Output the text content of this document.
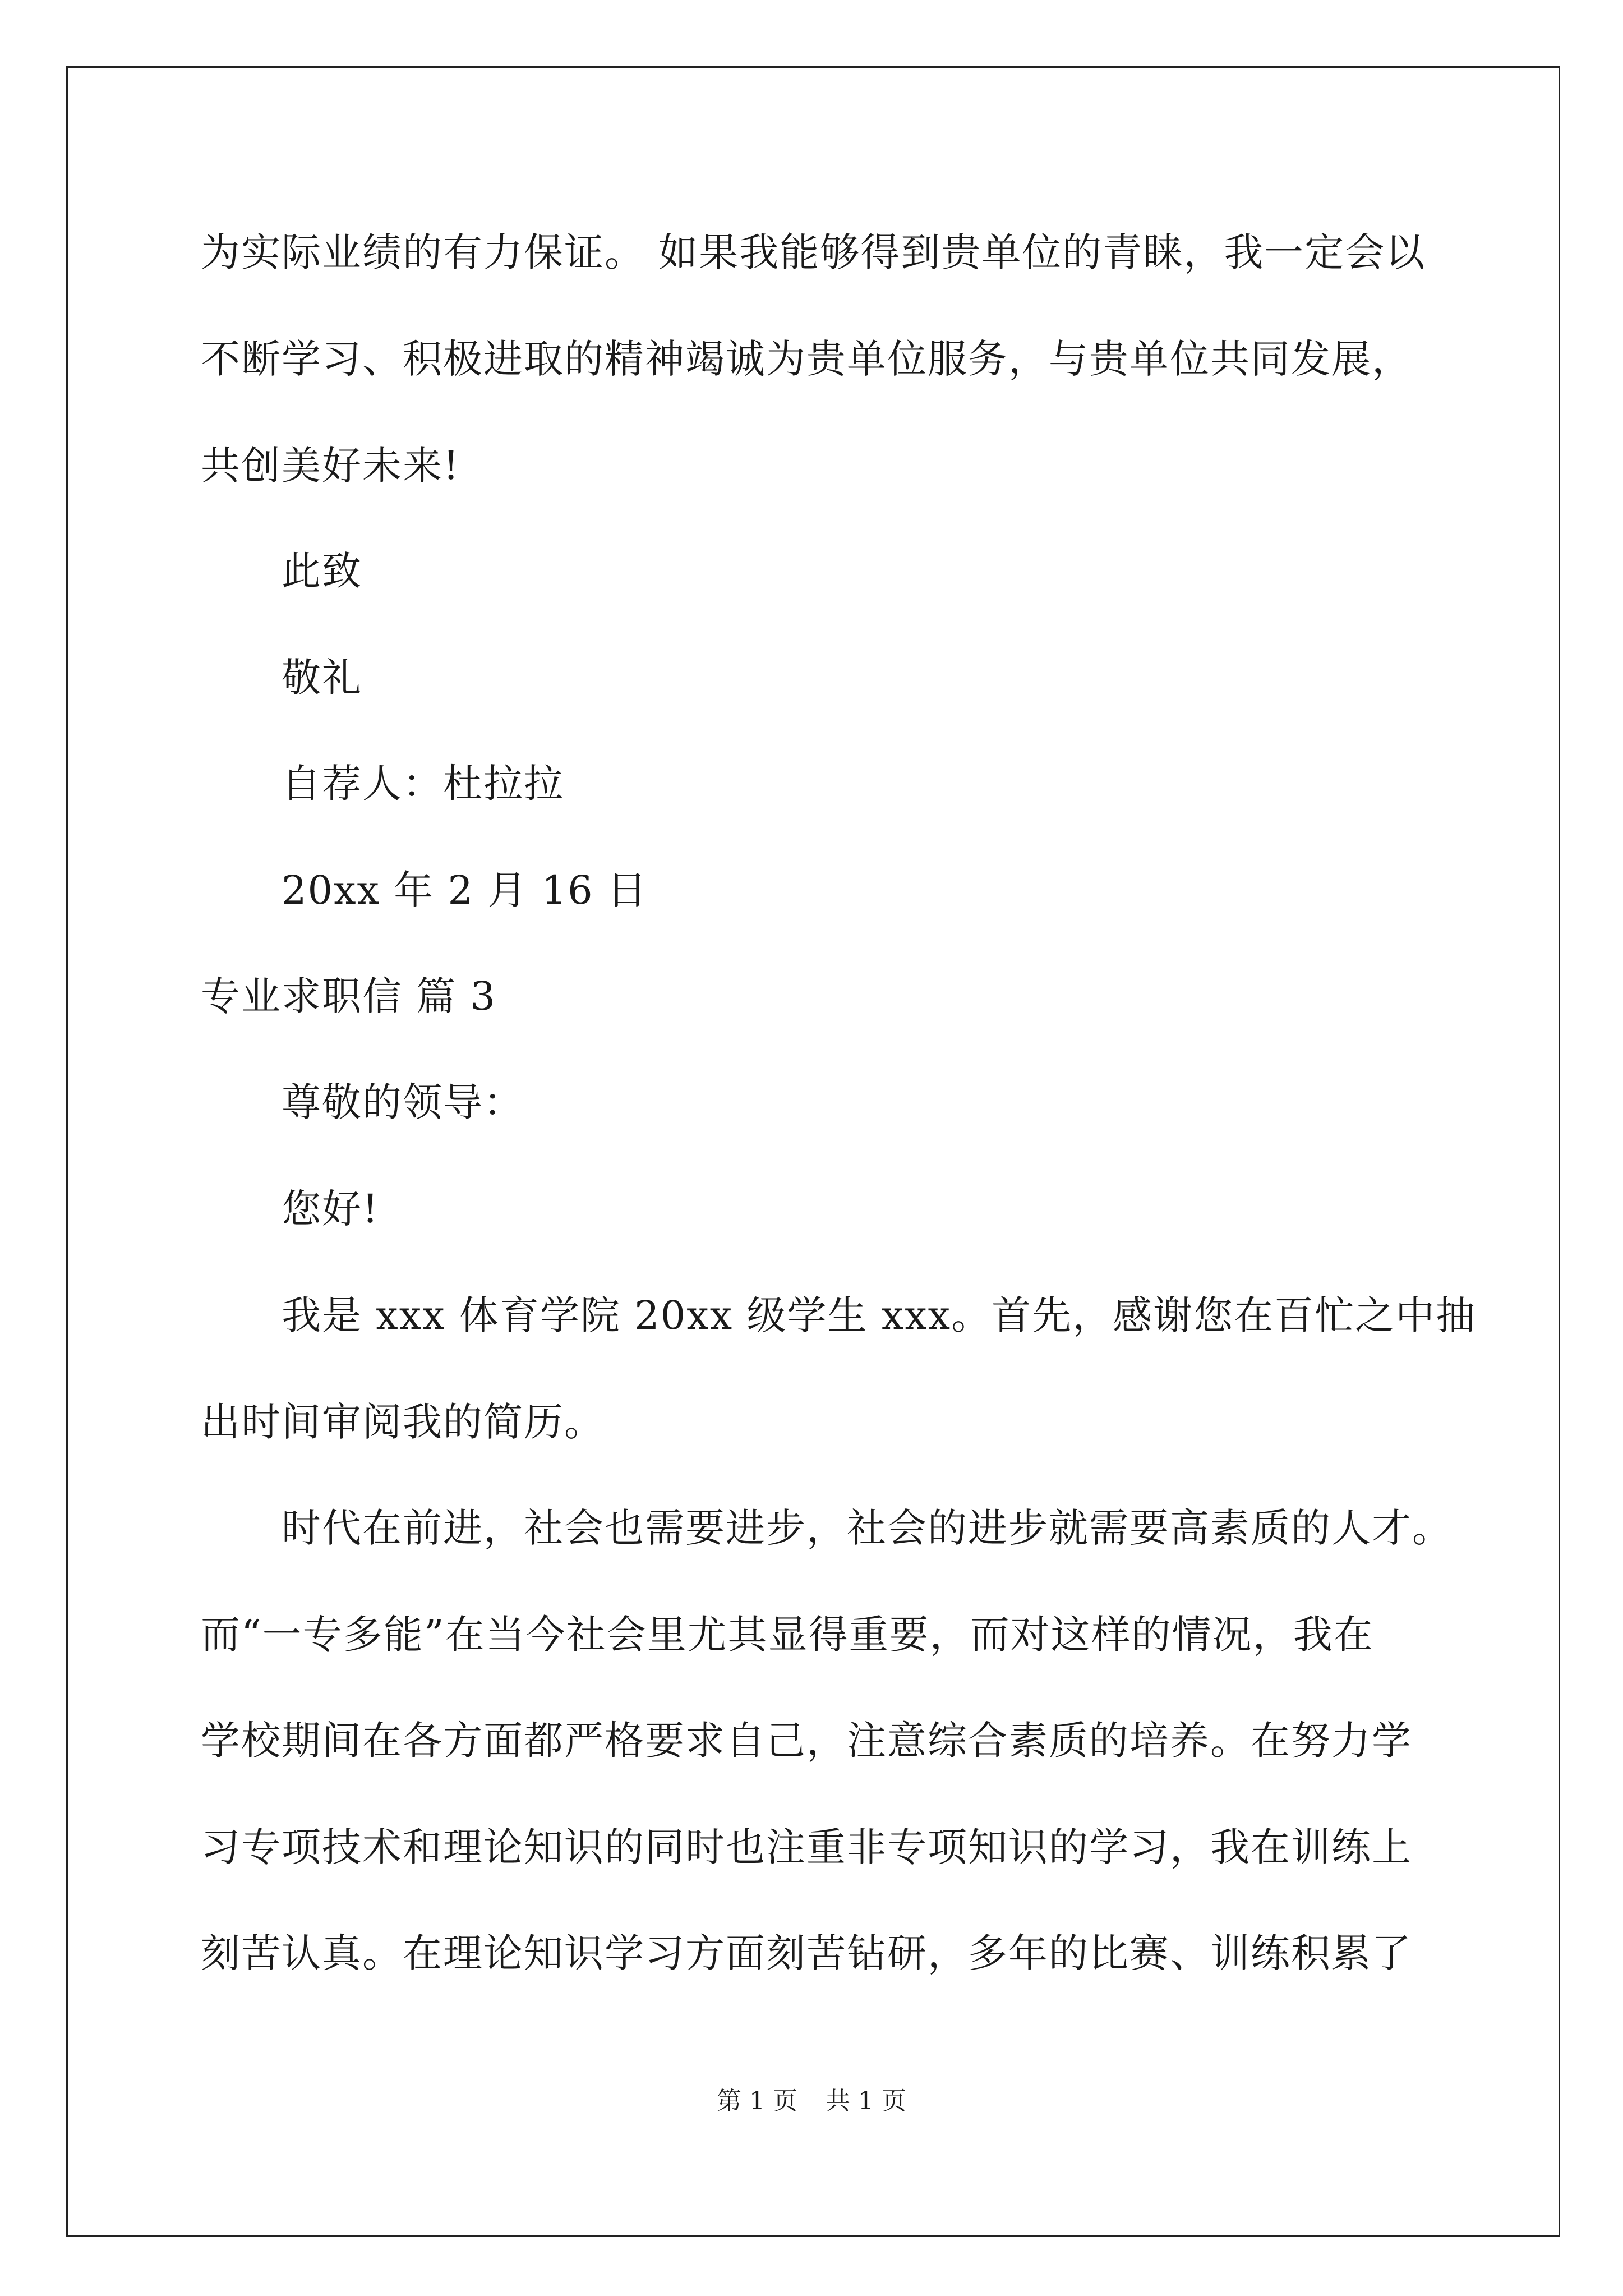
为实际业绩的有力保证。 如果我能够得到贵单位的青睐，我一定会以
不断学习、积极进取的精神竭诚为贵单位服务，与贵单位共同发展，
共创美好未来!
此致
敬礼
自荐人：杜拉拉
20xx 年 2 月 16 日
专业求职信 篇 3
尊敬的领导：
您好!
我是 xxx 体育学院 20xx 级学生 xxx。首先，感谢您在百忙之中抽
出时间审阅我的简历。
时代在前进，社会也需要进步，社会的进步就需要高素质的人才。
而“一专多能”在当今社会里尤其显得重要，而对这样的情况，我在
学校期间在各方面都严格要求自己，注意综合素质的培养。在努力学
习专项技术和理论知识的同时也注重非专项知识的学习，我在训练上
刻苦认真。在理论知识学习方面刻苦钻研，多年的比赛、训练积累了
第 1 页 共 1 页
